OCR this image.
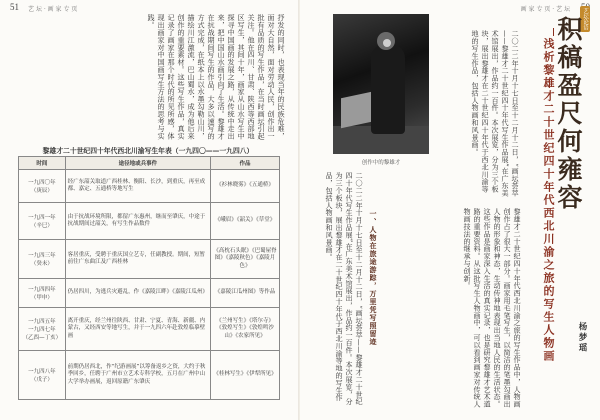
51 艺 坛 · 画 家 专 页
抒发的同时，也表现当年的民族危难，面对大自然，面对劳动人民，创作出一批有品质的写生作品，在当时画坛引起关注。他在四川、甘肃、陕西等西部地区写生，其间十年，画家从山水写生中探寻中国画的发展之路，从传统中走出来，把中国山水画引向了生活。黎雄才在抗战期间写生的作品，大多以速写的方式完成，在纸本上以水墨勾勒山川，描绘川江激流，巴山蜀水，成为他后来创作的重要素材。这些写生作品，真实记录了画家在那个时代的所见所感，体现出画家对中国画写生方法的思考与实践。
黎雄才二十世纪四十年代西北川渝写生年表（一九四〇——一九四八）
时间	途径地或兵事件	作品
一九四〇年
（庚辰）	经广东韶关取道广西桂林、衡阳、长沙，到重庆，再至成都、嘉定、五通桥等地写生	《衫林晓雾》《五通桥》
一九四一年
（辛巳）	由于抗战环境所限，都留广东惠州，继而至肇庆，中途于抗战期间过韶关，有写生作品数件	《峨眉》《韶关》《草堂》
一九四三年
（癸未）	客居重庆，受聘于重庆国立艺专，任副教授。期间，短暂前往广东曲江及广西桂林	《高枕石头眠》《巴蜀屋脊图》《嘉陵秋色》《嘉陵月色》
一九四四年
（甲申）	仍居四川，为逃兵灾避乱，作《嘉陵江畔》《嘉陵江瓜州》	《嘉陵江瓜州图》等作品
一九四五年
一九四七年
（乙酉—丁亥）	离开重庆，经兰州往陕西、甘肃、宁夏、青海、新疆、内蒙古，又经西安等地写生，并于一九四六年赴敦煌临摹壁画	《兰州写生》《塔尔寺》《敦煌写生》《敦煌鸣沙山》《农家所见》
一九四八年
（戊子）	前期仍居西北，作“纪游画展”以筹备返乡之资，大约于秋季回乡，任聘于广州市立艺术专科学校，五月在广州中山大学举办画展，返回原籍广东肇庆	《桂林写生》《伊犁所见》
画 家 专 页 · 艺 坛
创作中的黎雄才	二〇二二年十月十七日至十二月十二日，“画坛荟萃——黎雄才二十世纪四十年代写生作品展”在广东美术馆展出，作品约一百件。本次展览，分为三个板块，展出黎雄才在二十世纪四十年代于西北川渝等地的写生作品，包括人物画和风景画。
黎雄才二十世纪四十年代西北川渝之旅的写生作品中，人物画创作占了很大一部分。画家用毛笔写生，以简洁的笔墨勾画出人物的形象和神态，生动传神地表现出当地人民的生活状态。这些作品是画家深入生活的真实记录，也是研究黎雄才艺术道路的重要资料。从这批写生人物画中，可以看到画家对传统人物画技法的继承与创新。
一、人物在旅途游踪，万里凭写照留迹
二〇二二年十月十七日至十二月十二日，“画坛荟萃——黎雄才二十世纪四十年代写生作品展”在广东美术馆展出，作品约一百件。本次展览，分为三个板块，展出黎雄才在二十世纪四十年代于西北川渝等地的写生作品，包括人物画和风景画。
艺坛论语
积稿盈尺何雍容
浅析黎雄才二十世纪四十年代西北川渝之旅的写生人物画	杨梦瑶
